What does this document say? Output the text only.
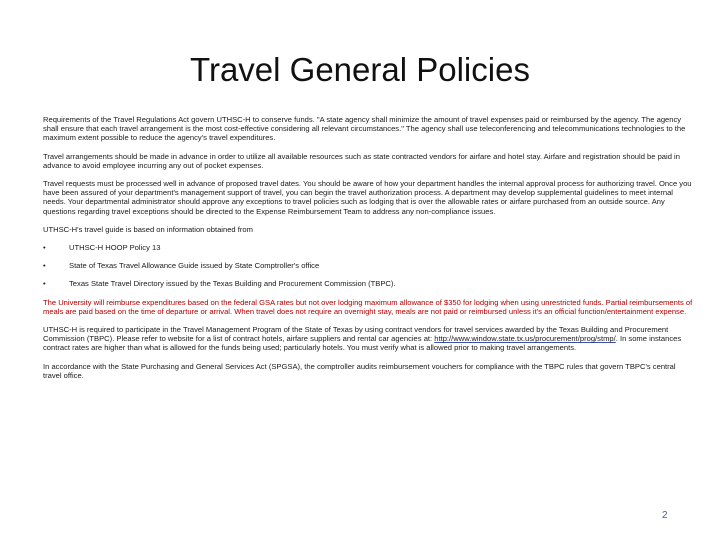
Travel General Policies

Requirements of the Travel Regulations Act govern UTHSC-H to conserve funds. "A state agency shall minimize the amount of travel expenses paid or reimbursed by the agency. The agency shall ensure that each travel arrangement is the most cost-effective considering all relevant circumstances." The agency shall use teleconferencing and telecommunications technologies to the maximum extent possible to reduce the agency's travel expenditures.

Travel arrangements should be made in advance in order to utilize all available resources such as state contracted vendors for airfare and hotel stay. Airfare and registration should be paid in advance to avoid employee incurring any out of pocket expenses.

Travel requests must be processed well in advance of proposed travel dates. You should be aware of how your department handles the internal approval process for authorizing travel. Once you have been assured of your department's management support of travel, you can begin the travel authorization process. A department may develop supplemental guidelines to meet internal needs. Your departmental administrator should approve any exceptions to travel policies such as lodging that is over the allowable rates or airfare purchased from an outside source. Any questions regarding travel exceptions should be directed to the Expense Reimbursement Team to address any non-compliance issues.

UTHSC-H's travel guide is based on information obtained from

•	UTHSC-H HOOP Policy 13
•	State of Texas Travel Allowance Guide issued by State Comptroller's office
•	Texas State Travel Directory issued by the Texas Building and Procurement Commission (TBPC).

The University will reimburse expenditures based on the federal GSA rates but not over lodging maximum allowance of $350 for lodging when using unrestricted funds. Partial reimbursements of meals are paid based on the time of departure or arrival. When travel does not require an overnight stay, meals are not paid or reimbursed unless it's an official function/entertainment expense.

UTHSC-H is required to participate in the Travel Management Program of the State of Texas by using contract vendors for travel services awarded by the Texas Building and Procurement Commission (TBPC). Please refer to website for a list of contract hotels, airfare suppliers and rental car agencies at: http://www.window.state.tx.us/procurement/prog/stmp/. In some instances contract rates are higher than what is allowed for the funds being used; particularly hotels. You must verify what is allowed prior to making travel arrangements.

In accordance with the State Purchasing and General Services Act (SPGSA), the comptroller audits reimbursement vouchers for compliance with the TBPC rules that govern TBPC's central travel office.

2
